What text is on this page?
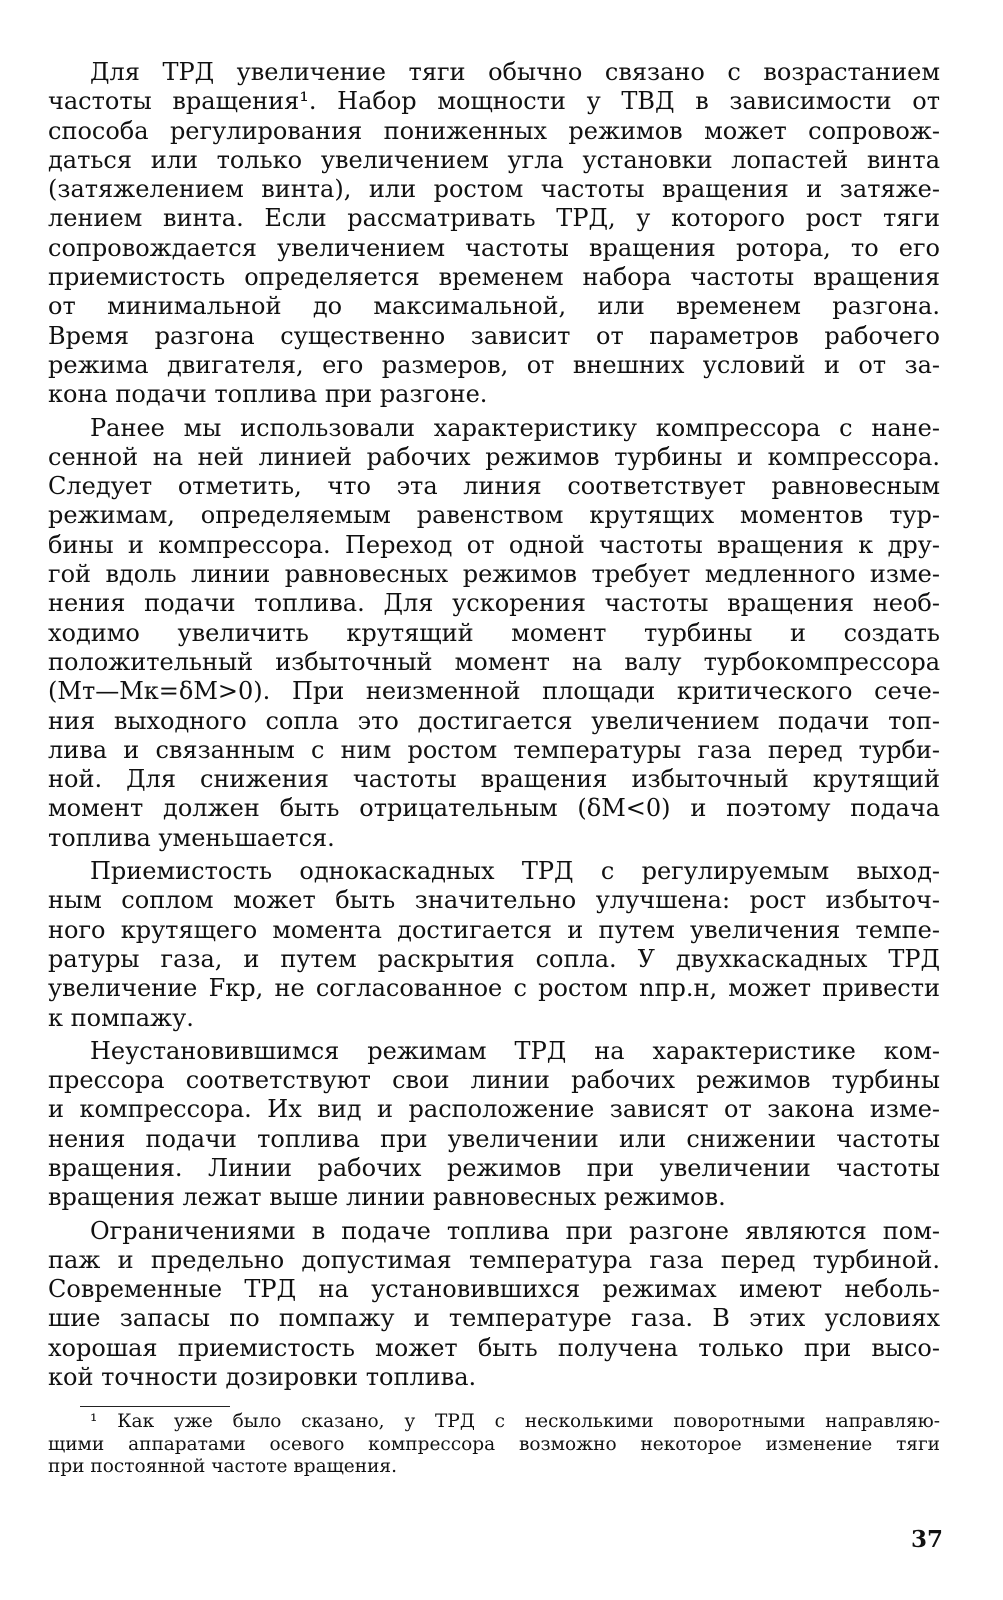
Для ТРД увеличение тяги обычно связано с возрастанием
частоты вращения¹. Набор мощности у ТВД в зависимости от
способа регулирования пониженных режимов может сопровож-
даться или только увеличением угла установки лопастей винта
(затяжелением винта), или ростом частоты вращения и затяже-
лением винта. Если рассматривать ТРД, у которого рост тяги
сопровождается увеличением частоты вращения ротора, то его
приемистость определяется временем набора частоты вращения
от минимальной до максимальной, или временем разгона.
Время разгона существенно зависит от параметров рабочего
режима двигателя, его размеров, от внешних условий и от за-
кона подачи топлива при разгоне.
Ранее мы использовали характеристику компрессора с нане-
сенной на ней линией рабочих режимов турбины и компрессора.
Следует отметить, что эта линия соответствует равновесным
режимам, определяемым равенством крутящих моментов тур-
бины и компрессора. Переход от одной частоты вращения к дру-
гой вдоль линии равновесных режимов требует медленного изме-
нения подачи топлива. Для ускорения частоты вращения необ-
ходимо увеличить крутящий момент турбины и создать
положительный избыточный момент на валу турбокомпрессора
(Mт—Mк=δM>0). При неизменной площади критического сече-
ния выходного сопла это достигается увеличением подачи топ-
лива и связанным с ним ростом температуры газа перед турби-
ной. Для снижения частоты вращения избыточный крутящий
момент должен быть отрицательным (δM<0) и поэтому подача
топлива уменьшается.
Приемистость однокаскадных ТРД с регулируемым выход-
ным соплом может быть значительно улучшена: рост избыточ-
ного крутящего момента достигается и путем увеличения темпе-
ратуры газа, и путем раскрытия сопла. У двухкаскадных ТРД
увеличение Fкр, не согласованное с ростом nпр.н, может привести
к помпажу.
Неустановившимся режимам ТРД на характеристике ком-
прессора соответствуют свои линии рабочих режимов турбины
и компрессора. Их вид и расположение зависят от закона изме-
нения подачи топлива при увеличении или снижении частоты
вращения. Линии рабочих режимов при увеличении частоты
вращения лежат выше линии равновесных режимов.
Ограничениями в подаче топлива при разгоне являются пом-
паж и предельно допустимая температура газа перед турбиной.
Современные ТРД на установившихся режимах имеют неболь-
шие запасы по помпажу и температуре газа. В этих условиях
хорошая приемистость может быть получена только при высо-
кой точности дозировки топлива.
¹ Как уже было сказано, у ТРД с несколькими поворотными направляю-
щими аппаратами осевого компрессора возможно некоторое изменение тяги
при постоянной частоте вращения.
37
